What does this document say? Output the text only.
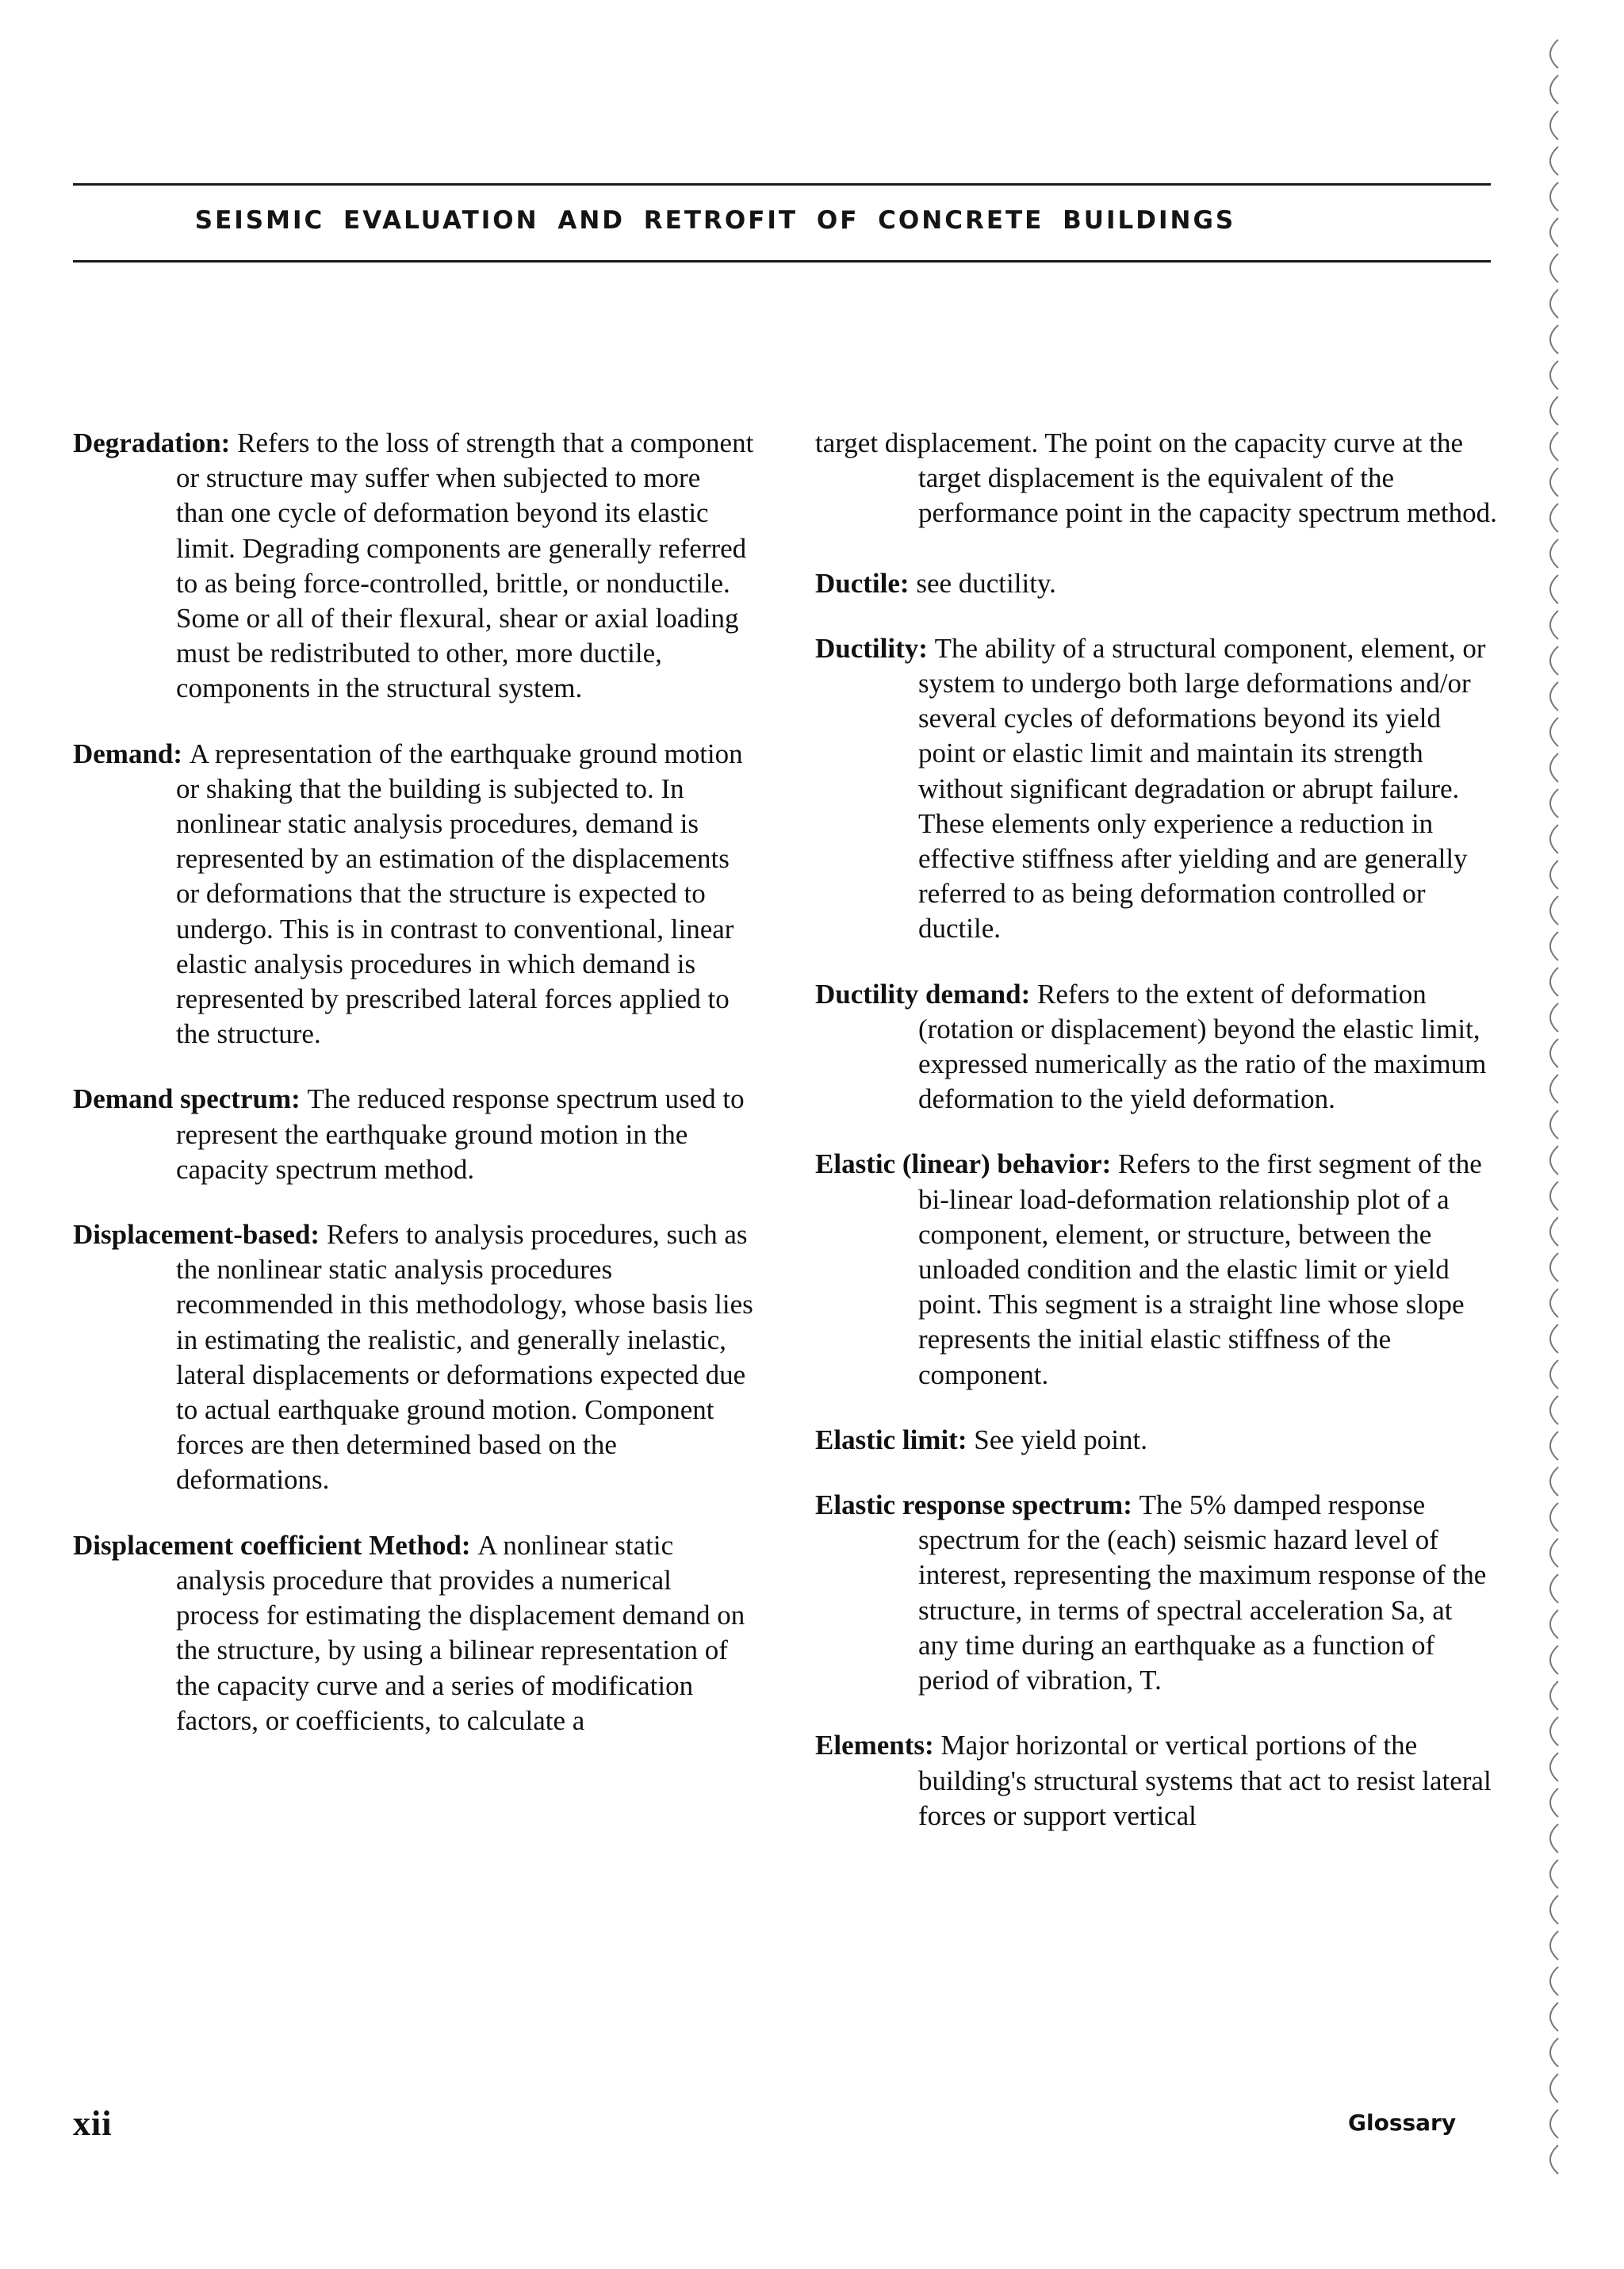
SEISMIC EVALUATION AND RETROFIT OF CONCRETE BUILDINGS

Degradation: Refers to the loss of strength that a component or structure may suffer when subjected to more than one cycle of deformation beyond its elastic limit. Degrading components are generally referred to as being force-controlled, brittle, or nonductile. Some or all of their flexural, shear or axial loading must be redistributed to other, more ductile, components in the structural system.

Demand: A representation of the earthquake ground motion or shaking that the building is subjected to. In nonlinear static analysis procedures, demand is represented by an estimation of the displacements or deformations that the structure is expected to undergo. This is in contrast to conventional, linear elastic analysis procedures in which demand is represented by prescribed lateral forces applied to the structure.

Demand spectrum: The reduced response spectrum used to represent the earthquake ground motion in the capacity spectrum method.

Displacement-based: Refers to analysis procedures, such as the nonlinear static analysis procedures recommended in this methodology, whose basis lies in estimating the realistic, and generally inelastic, lateral displacements or deformations expected due to actual earthquake ground motion. Component forces are then determined based on the deformations.

Displacement coefficient Method: A nonlinear static analysis procedure that provides a numerical process for estimating the displacement demand on the structure, by using a bilinear representation of the capacity curve and a series of modification factors, or coefficients, to calculate a

target displacement. The point on the capacity curve at the target displacement is the equivalent of the performance point in the capacity spectrum method.

Ductile: see ductility.

Ductility: The ability of a structural component, element, or system to undergo both large deformations and/or several cycles of deformations beyond its yield point or elastic limit and maintain its strength without significant degradation or abrupt failure. These elements only experience a reduction in effective stiffness after yielding and are generally referred to as being deformation controlled or ductile.

Ductility demand: Refers to the extent of deformation (rotation or displacement) beyond the elastic limit, expressed numerically as the ratio of the maximum deformation to the yield deformation.

Elastic (linear) behavior: Refers to the first segment of the bi-linear load-deformation relationship plot of a component, element, or structure, between the unloaded condition and the elastic limit or yield point. This segment is a straight line whose slope represents the initial elastic stiffness of the component.

Elastic limit: See yield point.

Elastic response spectrum: The 5% damped response spectrum for the (each) seismic hazard level of interest, representing the maximum response of the structure, in terms of spectral acceleration Sa, at any time during an earthquake as a function of period of vibration, T.

Elements: Major horizontal or vertical portions of the building's structural systems that act to resist lateral forces or support vertical

xii	Glossary
